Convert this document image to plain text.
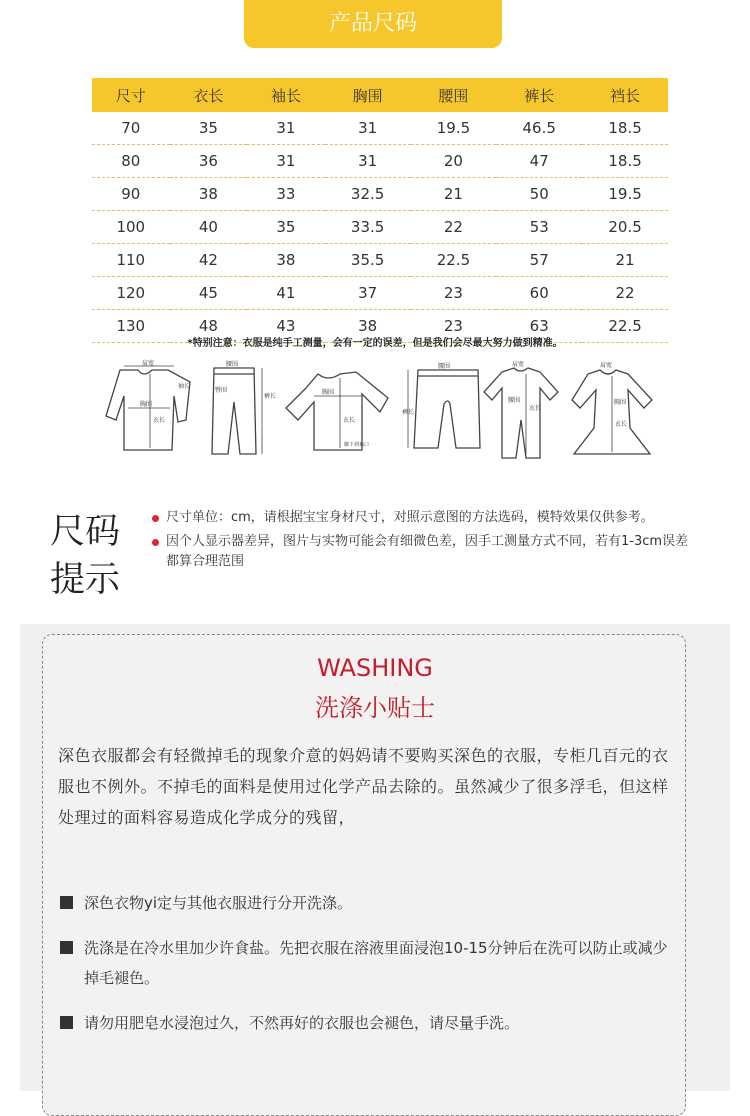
产品尺码
尺寸	衣长	袖长	胸围	腰围	裤长	裆长
70	35	31	31	19.5	46.5	18.5
80	36	31	31	20	47	18.5
90	38	33	32.5	21	50	19.5
100	40	35	33.5	22	53	20.5
110	42	38	35.5	22.5	57	21
120	45	41	37	23	60	22
130	48	43	38	23	63	22.5
*特别注意：衣服是纯手工测量，会有一定的误差，但是我们会尽最大努力做到精准。
肩宽
袖长
胸围
衣长
腰围
臀围
裤长
胸围
衣长
脚下到袖口
腰围
裤长
肩宽
衣长
腰围
肩宽
胸围
衣长
尺码
提示
尺寸单位：cm，请根据宝宝身材尺寸，对照示意图的方法选码，模特效果仅供参考。
因个人显示器差异，图片与实物可能会有细微色差，因手工测量方式不同，若有1-3cm误差都算合理范围
WASHING
洗涤小贴士
深色衣服都会有轻微掉毛的现象介意的妈妈请不要购买深色的衣服，专柜几百元的衣服也不例外。不掉毛的面料是使用过化学产品去除的。虽然减少了很多浮毛，但这样处理过的面料容易造成化学成分的残留，
深色衣物yi定与其他衣服进行分开洗涤。
洗涤是在冷水里加少许食盐。先把衣服在溶液里面浸泡10-15分钟后在洗可以防止或减少掉毛褪色。
请勿用肥皂水浸泡过久，不然再好的衣服也会褪色，请尽量手洗。
